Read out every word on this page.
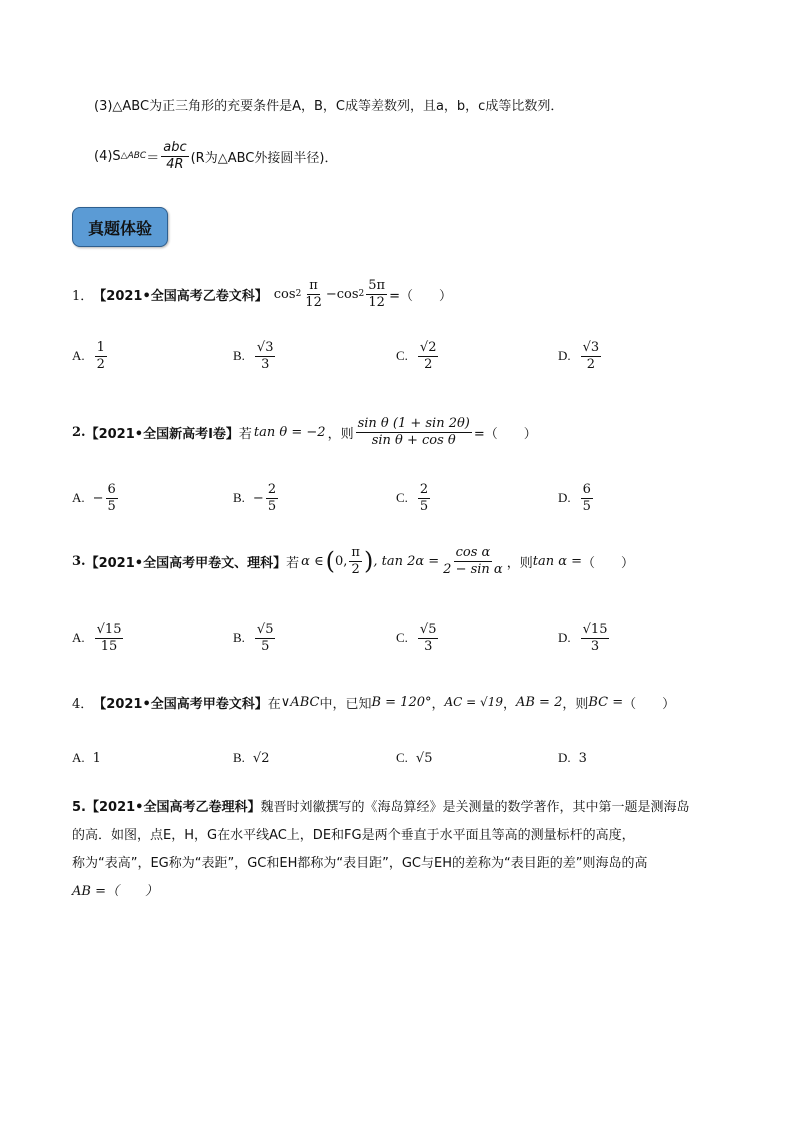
(3)△ABC为正三角形的充要条件是A，B，C成等差数列，且a，b，c成等比数列．
(4)S △ABC ＝ $\frac{\text{abc}}{4R} (R$为△ABC外接圆半径)．
真题体验
1． 【2021•全国高考乙卷文科】 $\cos 2 \frac{\pi}{12} - \cos 2 \frac{5\pi}{12}$ =（　　）
A. $\frac{1}{2}$	B. $\frac{√3}{3}$	C. $\frac{√2}{2}$	D. $\frac{√3}{2}$
2. 【2021•全国新高考Ⅰ卷】 若 tan θ = −2 ，则 $\frac{\text{sin θ (1 + sin 2θ)}}{\text{sin θ + cos θ}}$ =（　　）
A. − $\frac{6}{5}$	B. − $\frac{2}{5}$	C. $\frac{2}{5}$	D. $\frac{6}{5}$
3. 【2021•全国高考甲卷文、理科】 若 α ∈ ( 0, $\frac{\pi}{2}$ ) , $\tan 2\alpha = \frac{\text{cos α}}{\text{2 − sin α}}$ ，则 tan α = （　　）
A. $\frac{√15}{15}$	B. $\frac{√5}{5}$	C. $\frac{√5}{3}$	D. $\frac{√15}{3}$
4． 【2021•全国高考甲卷文科】 在 ∨ABC 中，已知 B = 120° ， AC = √19 ， AB = 2 ，则 BC = （　　）
A. 1	B. √2	C. √5	D. 3
5.【2021•全国高考乙卷理科】魏晋时刘徽撰写的《海岛算经》是关测量的数学著作，其中第一题是测海岛
的高．如图，点E，H，G在水平线AC上，DE和FG是两个垂直于水平面且等高的测量标杆的高度，
称为“表高”，EG称为“表距”，GC和EH都称为“表目距”，GC与EH的差称为“表目距的差”则海岛的高
AB =（　　）
